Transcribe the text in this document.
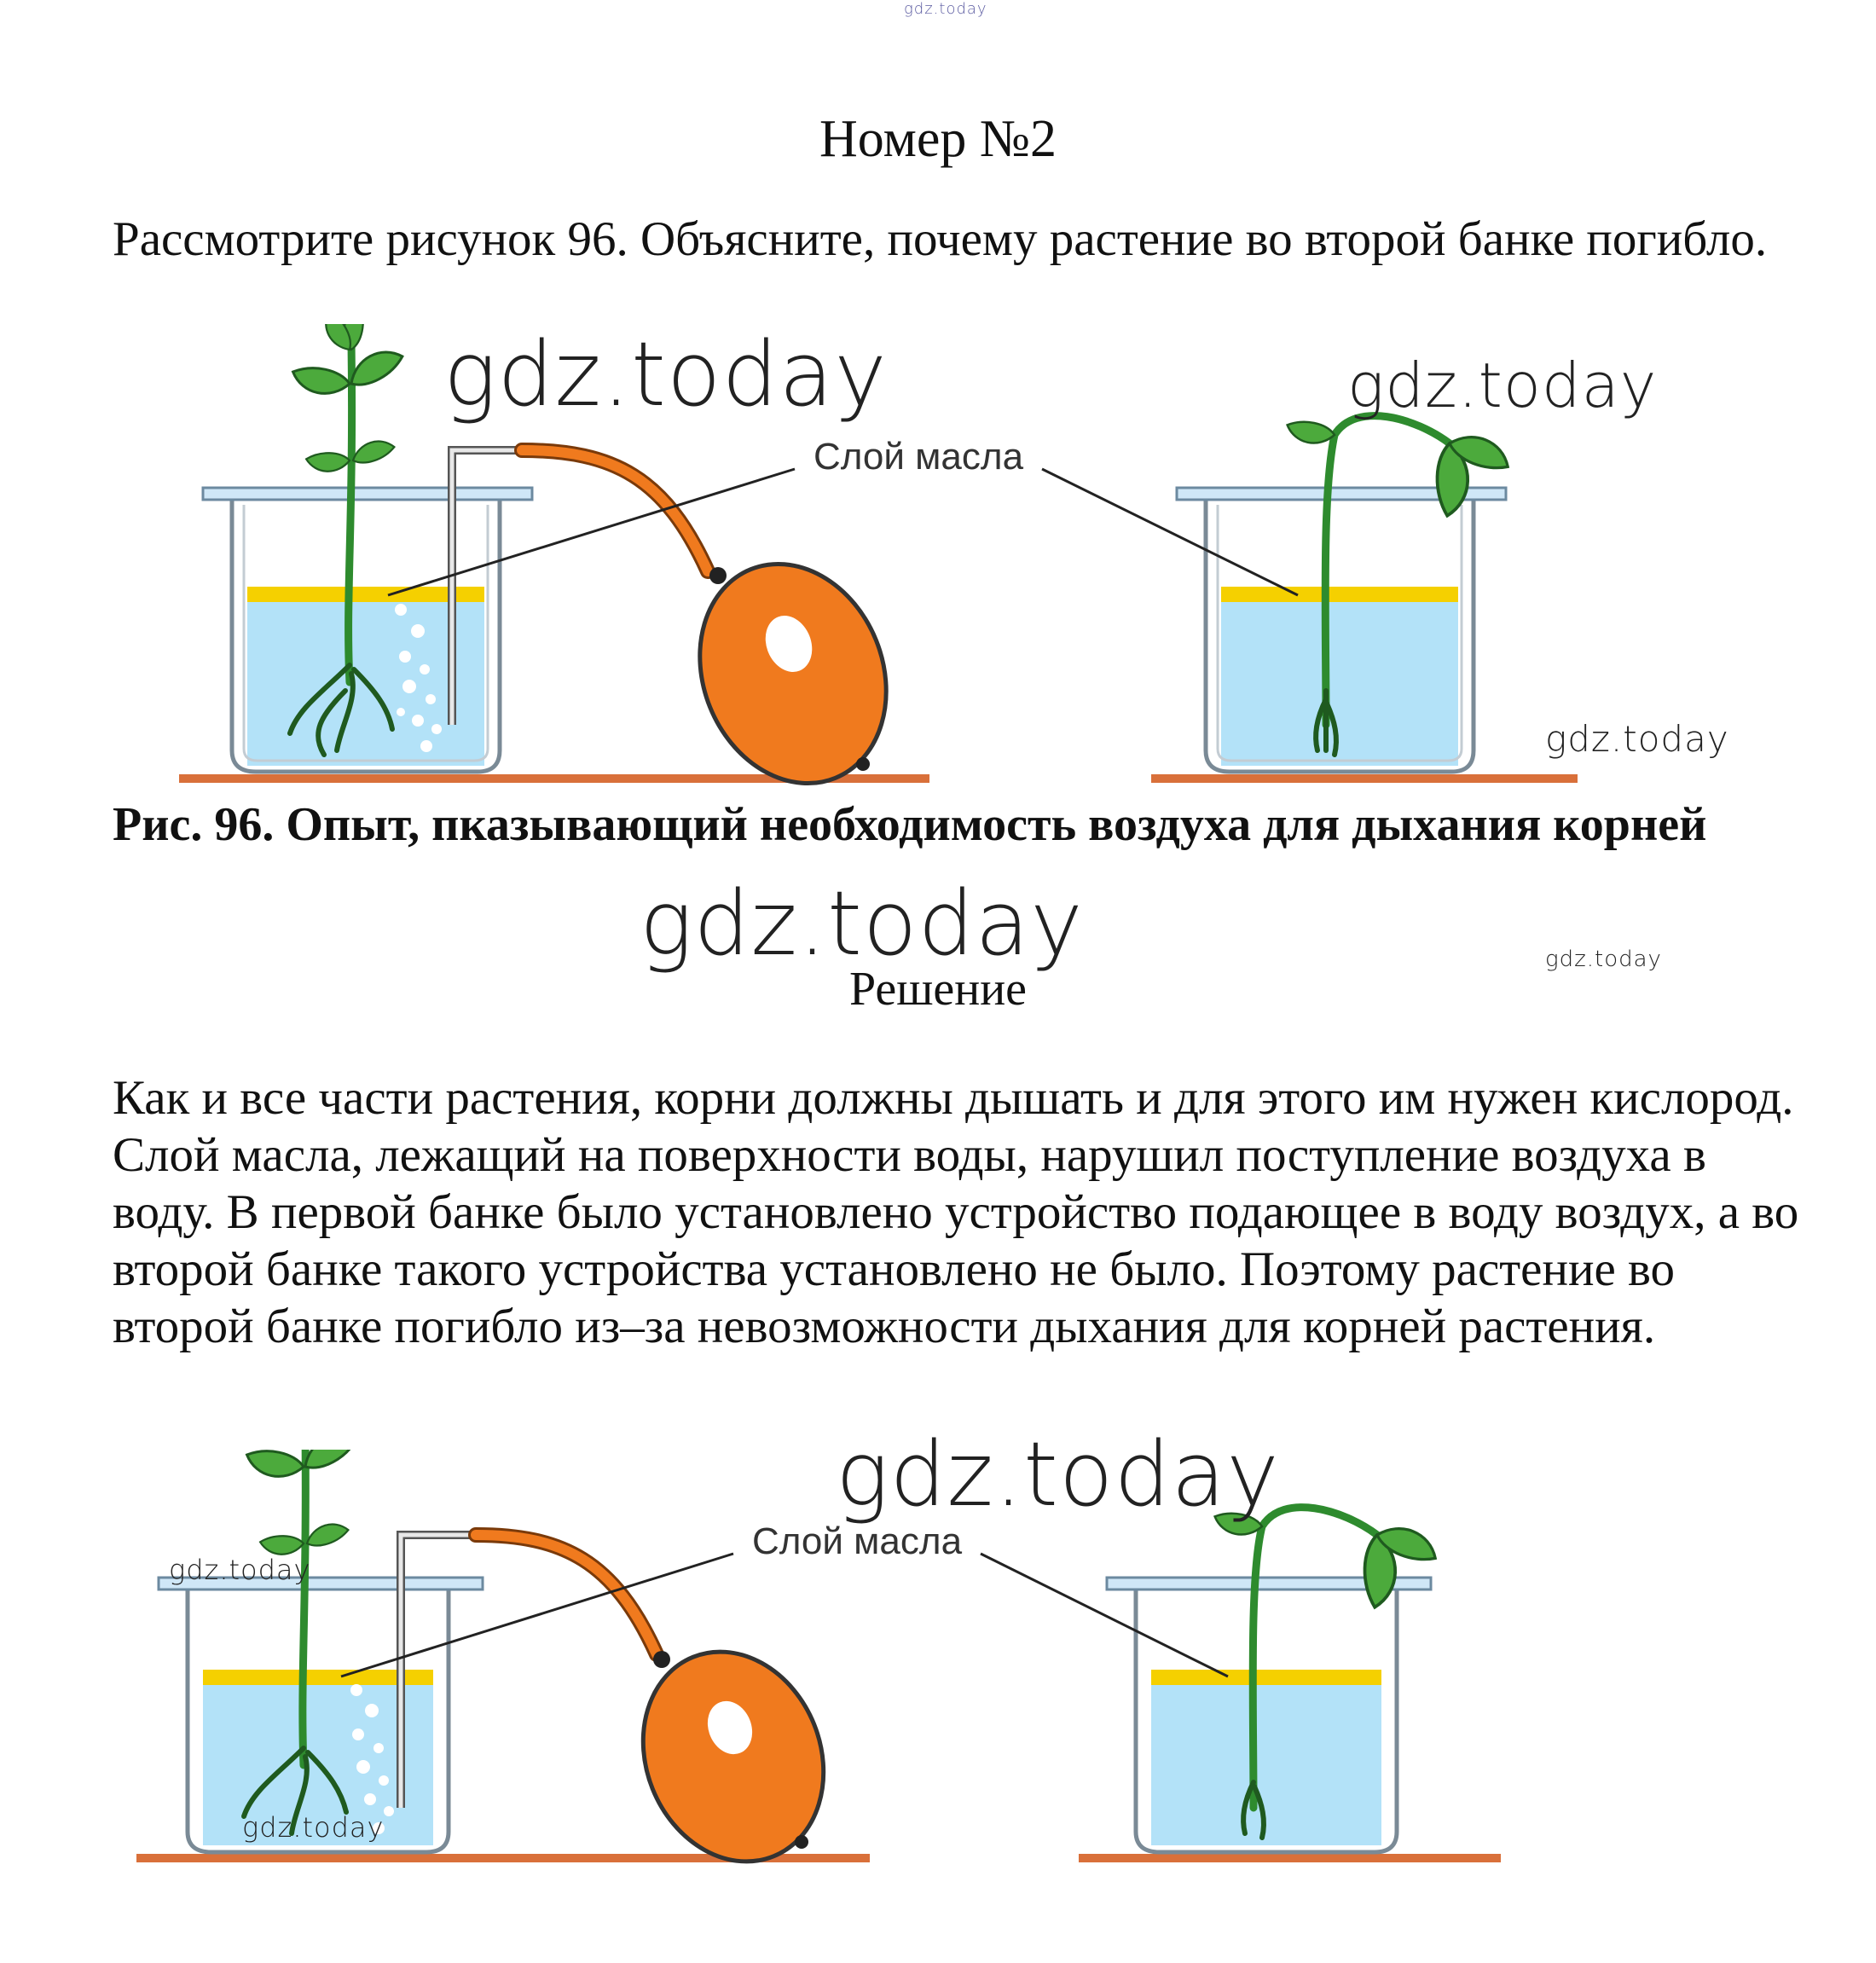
gdz.today
Номер №2
Рассмотрите рисунок 96. Объясните, почему растение во второй банке погибло.
Слой масла
gdz.today	gdz.today
gdz.today
Рис. 96. Опыт, пказывающий необходимость воздуха для дыхания корней
gdz.today	gdz.today
Решение
Как и все части растения, корни должны дышать и для этого им нужен кислород. Слой масла, лежащий на поверхности воды, нарушил поступление воздуха в воду. В первой банке было установлено устройство подающее в воду воздух, а во второй банке такого устройства установлено не было. Поэтому растение во второй банке погибло из–за невозможности дыхания для корней растения.
Слой масла
gdz.today
gdz.today
gdz.today
